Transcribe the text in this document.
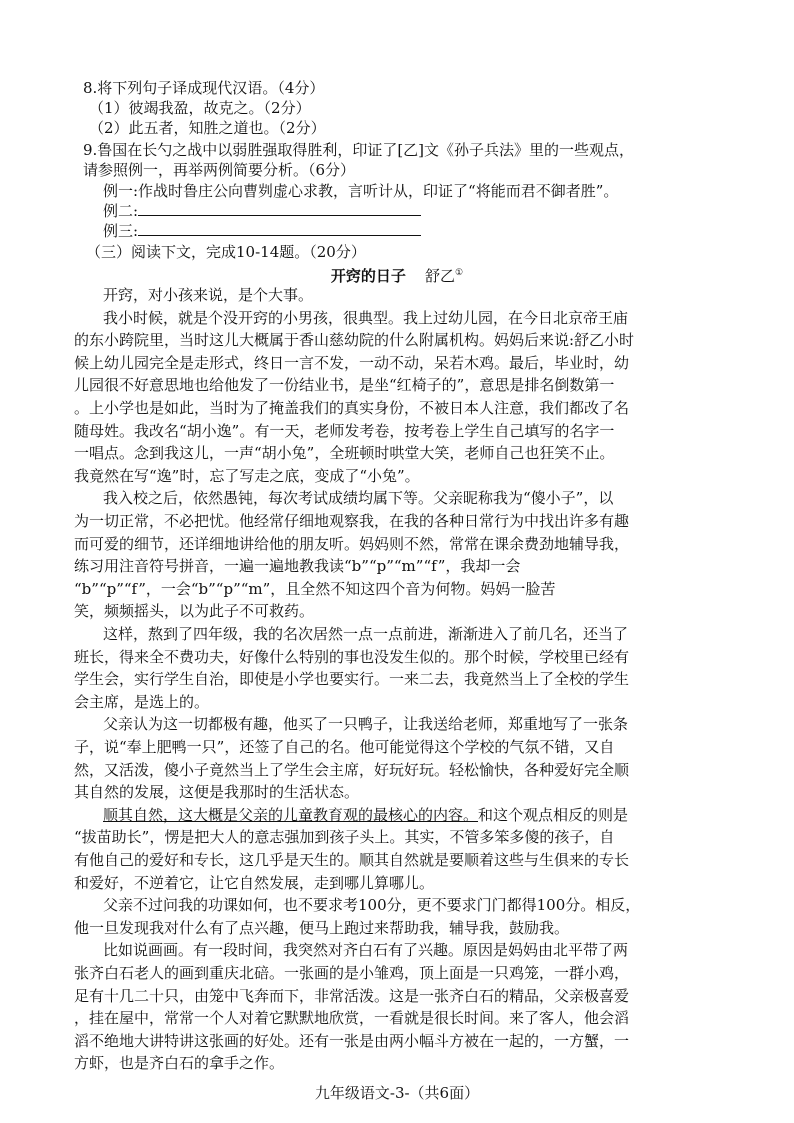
8.将下列句子译成现代汉语。（4分）
（1）彼竭我盈，故克之。（2分）
（2）此五者，知胜之道也。（2分）
9.鲁国在长勺之战中以弱胜强取得胜利，印证了[乙]文《孙子兵法》里的一些观点，
请参照例一，再举两例简要分析。（6分）
例一:作战时鲁庄公向曹刿虚心求教，言听计从，印证了“将能而君不御者胜”。
例二:
例三:
（三）阅读下文，完成10-14题。（20分）
开窍的日子 舒乙①
开窍，对小孩来说，是个大事。
我小时候，就是个没开窍的小男孩，很典型。我上过幼儿园，在今日北京帝王庙
的东小跨院里，当时这儿大概属于香山慈幼院的什么附属机构。妈妈后来说:舒乙小时
候上幼儿园完全是走形式，终日一言不发，一动不动，呆若木鸡。最后，毕业时，幼
儿园很不好意思地也给他发了一份结业书，是坐“红椅子的”，意思是排名倒数第一
。上小学也是如此，当时为了掩盖我们的真实身份，不被日本人注意，我们都改了名
随母姓。我改名“胡小逸”。有一天，老师发考卷，按考卷上学生自己填写的名字一
一唱点。念到我这儿，一声“胡小兔”，全班顿时哄堂大笑，老师自己也狂笑不止。
我竟然在写“逸”时，忘了写走之底，变成了“小兔”。
我入校之后，依然愚钝，每次考试成绩均属下等。父亲昵称我为“傻小子”，以
为一切正常，不必把忧。他经常仔细地观察我，在我的各种日常行为中找出许多有趣
而可爱的细节，还详细地讲给他的朋友听。妈妈则不然，常常在课余费劲地辅导我，
练习用注音符号拼音，一遍一遍地教我读“b”“p”“m”“f”，我却一会
“b”“p”“f”，一会“b”“p”“m”，且全然不知这四个音为何物。妈妈一脸苦
笑，频频摇头，以为此子不可救药。
这样，熬到了四年级，我的名次居然一点一点前进，渐渐进入了前几名，还当了
班长，得来全不费功夫，好像什么特别的事也没发生似的。那个时候，学校里已经有
学生会，实行学生自治，即使是小学也要实行。一来二去，我竟然当上了全校的学生
会主席，是选上的。
父亲认为这一切都极有趣，他买了一只鸭子，让我送给老师，郑重地写了一张条
子，说“奉上肥鸭一只”，还签了自己的名。他可能觉得这个学校的气氛不错，又自
然，又活泼，傻小子竟然当上了学生会主席，好玩好玩。轻松愉快，各种爱好完全顺
其自然的发展，这便是我那时的生活状态。
顺其自然，这大概是父亲的儿童教育观的最核心的内容。和这个观点相反的则是
“拔苗助长”，愣是把大人的意志强加到孩子头上。其实，不管多笨多傻的孩子，自
有他自己的爱好和专长，这几乎是天生的。顺其自然就是要顺着这些与生俱来的专长
和爱好，不逆着它，让它自然发展，走到哪儿算哪儿。
父亲不过问我的功课如何，也不要求考100分，更不要求门门都得100分。相反，
他一旦发现我对什么有了点兴趣，便马上跑过来帮助我，辅导我，鼓励我。
比如说画画。有一段时间，我突然对齐白石有了兴趣。原因是妈妈由北平带了两
张齐白石老人的画到重庆北碚。一张画的是小雏鸡，顶上面是一只鸡笼，一群小鸡，
足有十几二十只，由笼中飞奔而下，非常活泼。这是一张齐白石的精品，父亲极喜爱
，挂在屋中，常常一个人对着它默默地欣赏，一看就是很长时间。来了客人，他会滔
滔不绝地大讲特讲这张画的好处。还有一张是由两小幅斗方被在一起的，一方蟹，一
方虾，也是齐白石的拿手之作。
九年级语文-3-（共6面）
